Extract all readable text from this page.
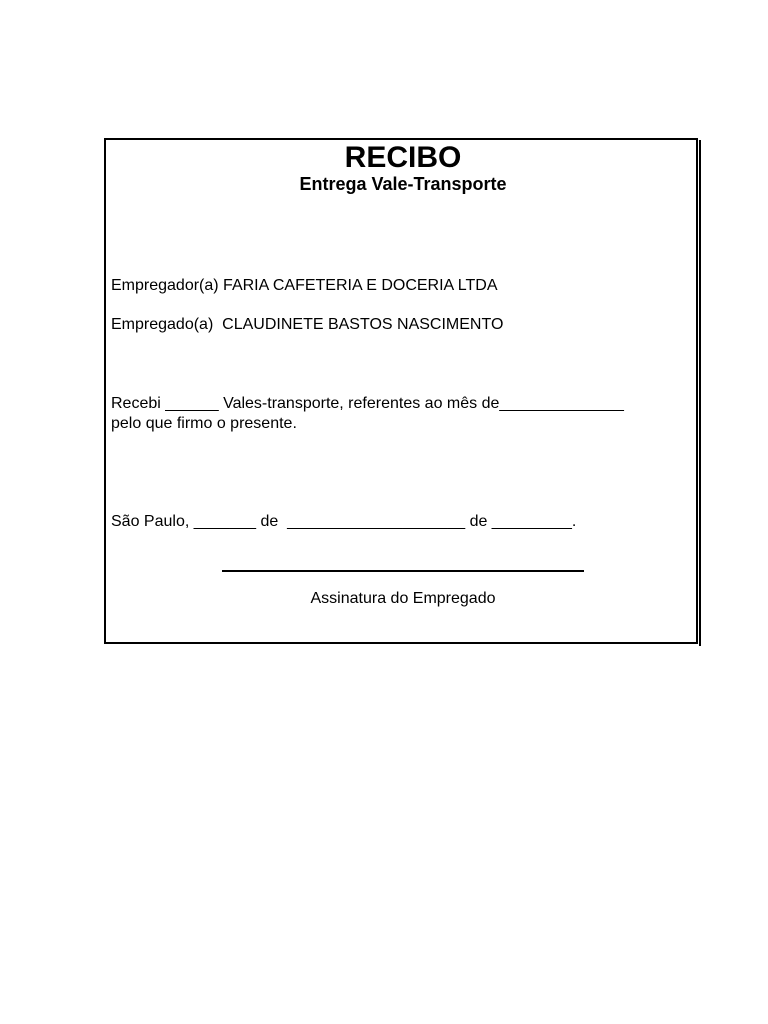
RECIBO

Entrega Vale-Transporte

Empregador(a) FARIA CAFETERIA E DOCERIA LTDA

Empregado(a)  CLAUDINETE BASTOS NASCIMENTO

Recebi ______ Vales-transporte, referentes ao mês de______________

pelo que firmo o presente.

São Paulo, _______ de  ____________________ de _________.

Assinatura do Empregado
